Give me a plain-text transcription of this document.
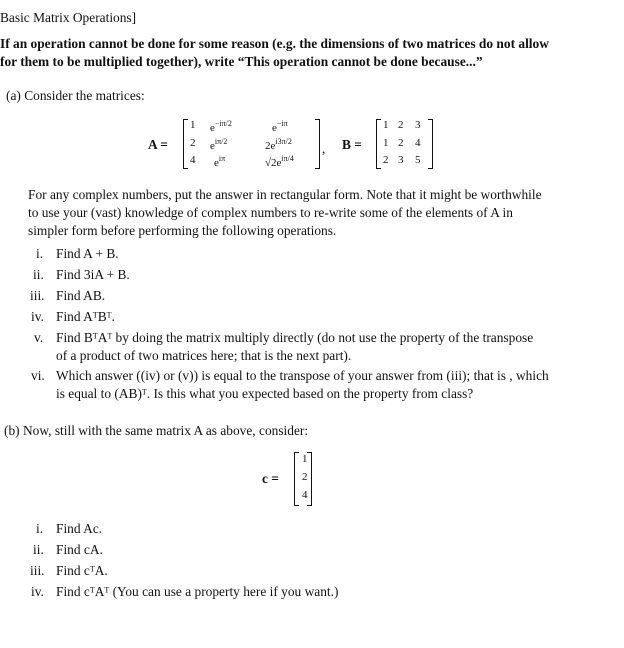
Basic Matrix Operations]
If an operation cannot be done for some reason (e.g. the dimensions of two matrices do not allow
for them to be multiplied together), write “This operation cannot be done because...”
(a) Consider the matrices:
A =
1 $e^{-i\pi/2}$	$e^{-i\pi}$
2 $e^{i\pi/2}$	$2e^{i3\pi/2}$
4 $e^{i\pi}$	$√2e^{i\pi/4}$
, B =
1 2 3
1 2 4
2 3 5
For any complex numbers, put the answer in rectangular form. Note that it might be worthwhile
to use your (vast) knowledge of complex numbers to re-write some of the elements of A in
simpler form before performing the following operations.
i. Find A + B.
ii. Find 3iA + B.
iii. Find AB.
iv. Find AᵀBᵀ.
v. Find BᵀAᵀ by doing the matrix multiply directly (do not use the property of the transpose
of a product of two matrices here; that is the next part).
vi. Which answer ((iv) or (v)) is equal to the transpose of your answer from (iii); that is , which
is equal to (AB)ᵀ. Is this what you expected based on the property from class?
(b) Now, still with the same matrix A as above, consider:
c =
1
2
4
i. Find Ac.
ii. Find cA.
iii. Find cᵀA.
iv. Find cᵀAᵀ (You can use a property here if you want.)
